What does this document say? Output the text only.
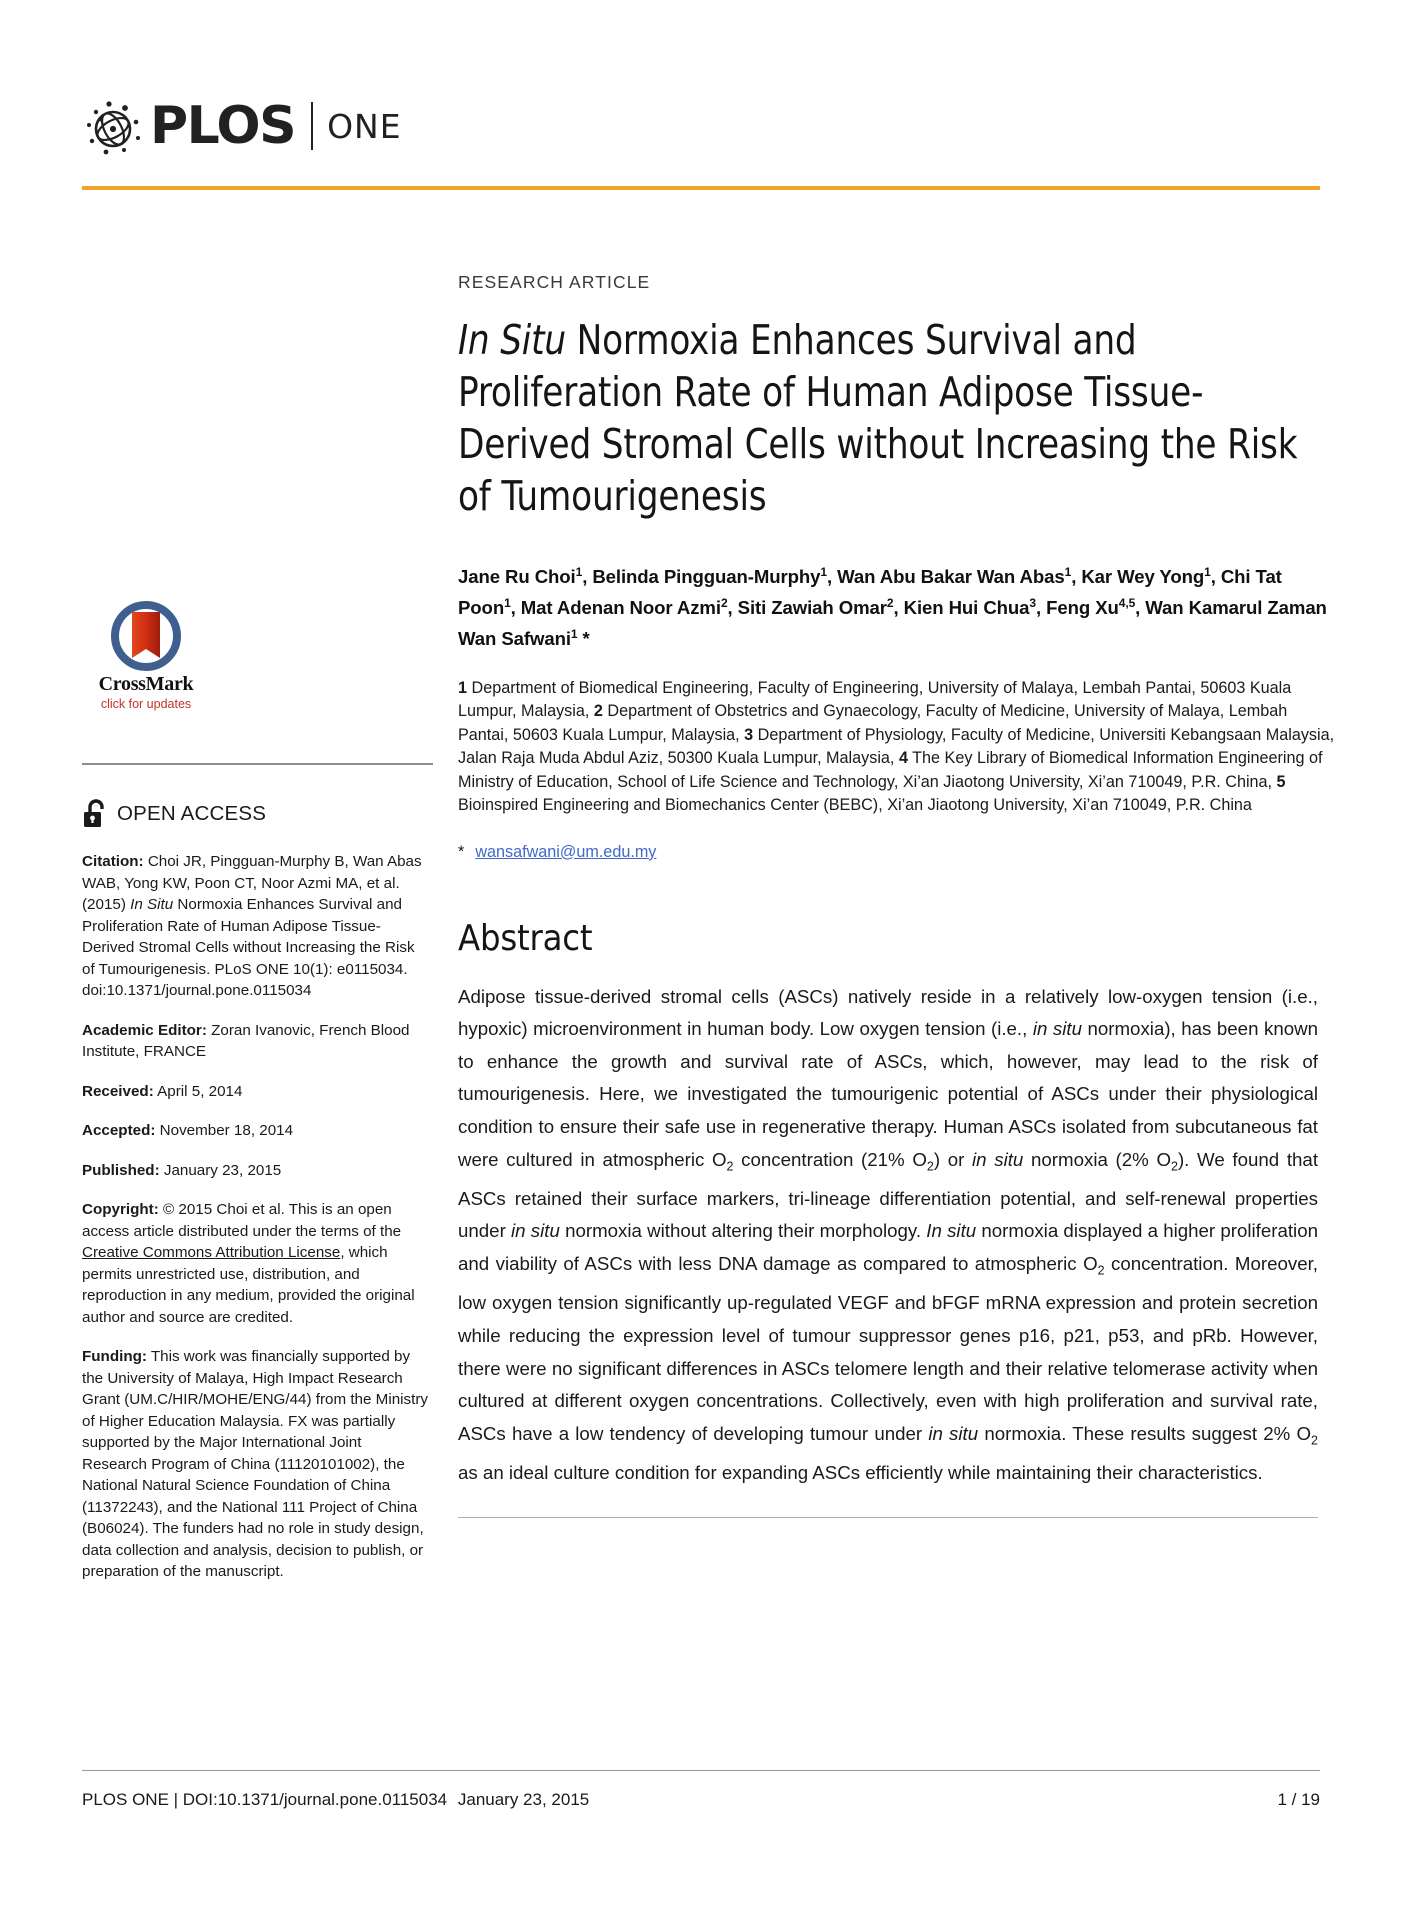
PLOS ONE
CrossMark
click for updates
OPEN ACCESS

Citation: Choi JR, Pingguan-Murphy B, Wan Abas WAB, Yong KW, Poon CT, Noor Azmi MA, et al. (2015) In Situ Normoxia Enhances Survival and Proliferation Rate of Human Adipose Tissue-Derived Stromal Cells without Increasing the Risk of Tumourigenesis. PLoS ONE 10(1): e0115034. doi:10.1371/journal.pone.0115034

Academic Editor: Zoran Ivanovic, French Blood Institute, FRANCE

Received: April 5, 2014

Accepted: November 18, 2014

Published: January 23, 2015

Copyright: © 2015 Choi et al. This is an open access article distributed under the terms of the Creative Commons Attribution License, which permits unrestricted use, distribution, and reproduction in any medium, provided the original author and source are credited.

Funding: This work was financially supported by the University of Malaya, High Impact Research Grant (UM.C/HIR/MOHE/ENG/44) from the Ministry of Higher Education Malaysia. FX was partially supported by the Major International Joint Research Program of China (11120101002), the National Natural Science Foundation of China (11372243), and the National 111 Project of China (B06024). The funders had no role in study design, data collection and analysis, decision to publish, or preparation of the manuscript.

RESEARCH ARTICLE
In Situ Normoxia Enhances Survival and Proliferation Rate of Human Adipose Tissue-Derived Stromal Cells without Increasing the Risk of Tumourigenesis
Jane Ru Choi$^1$, Belinda Pingguan-Murphy$^1$, Wan Abu Bakar Wan Abas$^1$, Kar Wey Yong$^1$, Chi Tat Poon$^1$, Mat Adenan Noor Azmi$^2$, Siti Zawiah Omar$^2$, Kien Hui Chua$^3$, Feng Xu$^{4,5}$, Wan Kamarul Zaman Wan Safwani$^1$ *
1 Department of Biomedical Engineering, Faculty of Engineering, University of Malaya, Lembah Pantai, 50603 Kuala Lumpur, Malaysia, 2 Department of Obstetrics and Gynaecology, Faculty of Medicine, University of Malaya, Lembah Pantai, 50603 Kuala Lumpur, Malaysia, 3 Department of Physiology, Faculty of Medicine, Universiti Kebangsaan Malaysia, Jalan Raja Muda Abdul Aziz, 50300 Kuala Lumpur, Malaysia, 4 The Key Library of Biomedical Information Engineering of Ministry of Education, School of Life Science and Technology, Xi’an Jiaotong University, Xi’an 710049, P.R. China, 5 Bioinspired Engineering and Biomechanics Center (BEBC), Xi’an Jiaotong University, Xi’an 710049, P.R. China
* wansafwani@um.edu.my
Abstract
Adipose tissue-derived stromal cells (ASCs) natively reside in a relatively low-oxygen tension (i.e., hypoxic) microenvironment in human body. Low oxygen tension (i.e., in situ normoxia), has been known to enhance the growth and survival rate of ASCs, which, however, may lead to the risk of tumourigenesis. Here, we investigated the tumourigenic potential of ASCs under their physiological condition to ensure their safe use in regenerative therapy. Human ASCs isolated from subcutaneous fat were cultured in atmospheric $O_2$ concentration (21% $O_2$) or in situ normoxia (2% $O_2$). We found that ASCs retained their surface markers, tri-lineage differentiation potential, and self-renewal properties under in situ normoxia without altering their morphology. In situ normoxia displayed a higher proliferation and viability of ASCs with less DNA damage as compared to atmospheric $O_2$ concentration. Moreover, low oxygen tension significantly up-regulated VEGF and bFGF mRNA expression and protein secretion while reducing the expression level of tumour suppressor genes p16, p21, p53, and pRb. However, there were no significant differences in ASCs telomere length and their relative telomerase activity when cultured at different oxygen concentrations. Collectively, even with high proliferation and survival rate, ASCs have a low tendency of developing tumour under in situ normoxia. These results suggest 2% $O_2$ as an ideal culture condition for expanding ASCs efficiently while maintaining their characteristics.
PLOS ONE | DOI:10.1371/journal.pone.0115034 January 23, 2015	1 / 19
